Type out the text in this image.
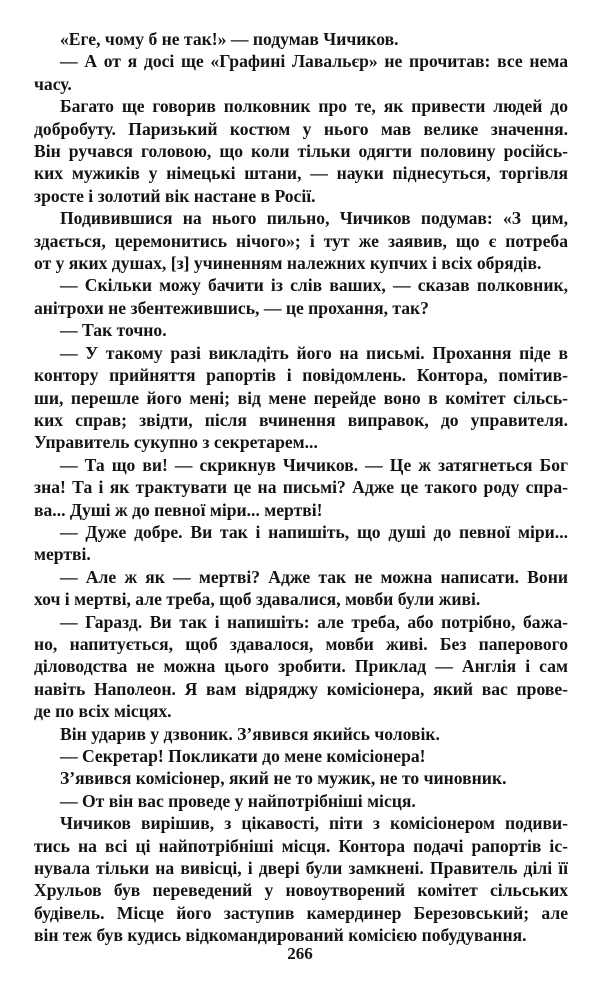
«Еге, чому б не так!» — подумав Чичиков.
— А от я досі ще «Графині Лавальєр» не прочитав: все нема
часу.
Багато ще говорив полковник про те, як привести людей до
добробуту. Паризький костюм у нього мав велике значення.
Він ручався головою, що коли тільки одягти половину російсь-
ких мужиків у німецькі штани, — науки піднесуться, торгівля
зросте і золотий вік настане в Росії.
Подивившися на нього пильно, Чичиков подумав: «З цим,
здається, церемонитись нічого»; і тут же заявив, що є потреба
от у яких душах, [з] учиненням належних купчих і всіх обрядів.
— Скільки можу бачити із слів ваших, — сказав полковник,
анітрохи не збентежившись, — це прохання, так?
— Так точно.
— У такому разі викладіть його на письмі. Прохання піде в
контору прийняття рапортів і повідомлень. Контора, помітив-
ши, перешле його мені; від мене перейде воно в комітет сільсь-
ких справ; звідти, після вчинення виправок, до управителя.
Управитель сукупно з секретарем...
— Та що ви! — скрикнув Чичиков. — Це ж затягнеться Бог
зна! Та і як трактувати це на письмі? Адже це такого роду спра-
ва... Душі ж до певної міри... мертві!
— Дуже добре. Ви так і напишіть, що душі до певної міри...
мертві.
— Але ж як — мертві? Адже так не можна написати. Вони
хоч і мертві, але треба, щоб здавалися, мовби були живі.
— Гаразд. Ви так і напишіть: але треба, або потрібно, бажа-
но, напитується, щоб здавалося, мовби живі. Без паперового
діловодства не можна цього зробити. Приклад — Англія і сам
навіть Наполеон. Я вам відряджу комісіонера, який вас прове-
де по всіх місцях.
Він ударив у дзвоник. З’явився якийсь чоловік.
— Секретар! Покликати до мене комісіонера!
З’явився комісіонер, який не то мужик, не то чиновник.
— От він вас проведе у найпотрібніші місця.
Чичиков вирішив, з цікавості, піти з комісіонером подиви-
тись на всі ці найпотрібніші місця. Контора подачі рапортів іс-
нувала тільки на вивісці, і двері були замкнені. Правитель ділі її
Хрульов був переведений у новоутворений комітет сільських
будівель. Місце його заступив камердинер Березовський; але
він теж був кудись відкомандирований комісією побудування.
266
